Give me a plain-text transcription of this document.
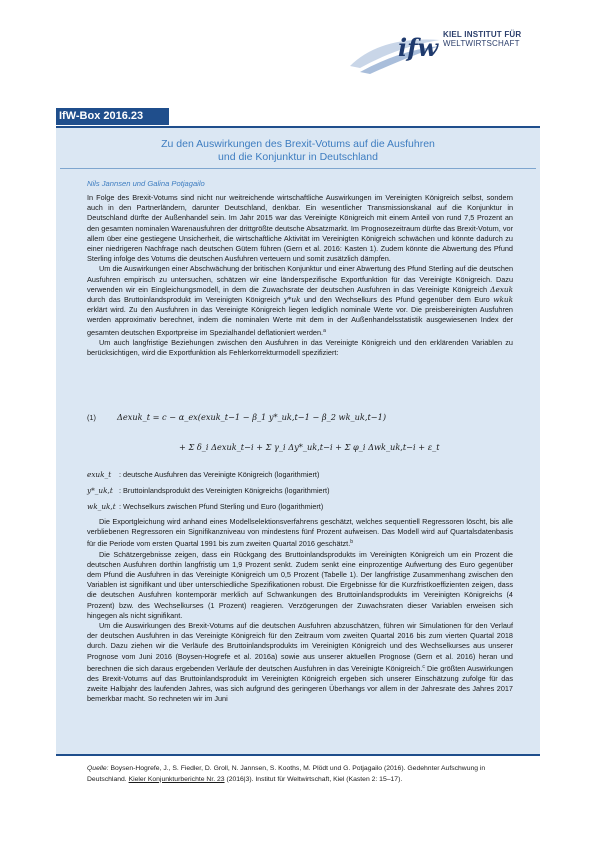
ifw KIEL INSTITUT FÜR
WELTWIRTSCHAFT
IfW-Box 2016.23
Zu den Auswirkungen des Brexit-Votums auf die Ausfuhren
und die Konjunktur in Deutschland
Nils Jannsen und Galina Potjagailo

In Folge des Brexit-Votums sind nicht nur weitreichende wirtschaftliche Auswirkungen im Vereinigten Königreich selbst, sondern auch in den Partnerländern, darunter Deutschland, denkbar. Ein wesentlicher Transmissionskanal auf die Konjunktur in Deutschland dürfte der Außenhandel sein. Im Jahr 2015 war das Vereinigte Königreich mit einem Anteil von rund 7,5 Prozent an den gesamten nominalen Warenausfuhren der drittgrößte deutsche Absatzmarkt. Im Prognosezeitraum dürfte das Brexit-Votum, vor allem über eine gestiegene Unsicherheit, die wirtschaftliche Aktivität im Vereinigten Königreich schwächen und könnte dadurch zu einer niedrigeren Nachfrage nach deutschen Gütern führen (Gern et al. 2016: Kasten 1). Zudem könnte die Abwertung des Pfund Sterling infolge des Votums die deutschen Ausfuhren verteuern und somit zusätzlich dämpfen.

Um die Auswirkungen einer Abschwächung der britischen Konjunktur und einer Abwertung des Pfund Sterling auf die deutschen Ausfuhren empirisch zu untersuchen, schätzen wir eine länderspezifische Exportfunktion für das Vereinigte Königreich. Dazu verwenden wir ein Eingleichungsmodell, in dem die Zuwachsrate der deutschen Ausfuhren in das Vereinigte Königreich Δexuk durch das Bruttoinlandsprodukt im Vereinigten Königreich y*uk und den Wechselkurs des Pfund gegenüber dem Euro wkuk erklärt wird. Zu den Ausfuhren in das Vereinigte Königreich liegen lediglich nominale Werte vor. Die preisbereinigten Ausfuhren werden approximativ berechnet, indem die nominalen Werte mit dem in der Außenhandelsstatistik ausgewiesenen Index der gesamten deutschen Exportpreise im Spezialhandel deflationiert werden.$^a$

Um auch langfristige Beziehungen zwischen den Ausfuhren in das Vereinigte Königreich und den erklärenden Variablen zu berücksichtigen, wird die Exportfunktion als Fehlerkorrekturmodell spezifiziert:

(1)	Δexuk_t = c − α_ex(exuk_t−1 − β_1 y*_uk,t−1 − β_2 wk_uk,t−1)
+ Σ δ_i Δexuk_t−i + Σ γ_i Δy*_uk,t−i + Σ φ_i Δwk_uk,t−i + ε_t
exuk_t : deutsche Ausfuhren das Vereinigte Königreich (logarithmiert)
y*_uk,t : Bruttoinlandsprodukt des Vereinigten Königreichs (logarithmiert)
wk_uk,t : Wechselkurs zwischen Pfund Sterling und Euro (logarithmiert)

Die Exportgleichung wird anhand eines Modellselektionsverfahrens geschätzt, welches sequentiell Regressoren löscht, bis alle verbliebenen Regressoren ein Signifikanzniveau von mindestens fünf Prozent aufweisen. Das Modell wird auf Quartalsdatenbasis für die Periode vom ersten Quartal 1991 bis zum zweiten Quartal 2016 geschätzt.$^b$

Die Schätzergebnisse zeigen, dass ein Rückgang des Bruttoinlandsprodukts im Vereinigten Königreich um ein Prozent die deutschen Ausfuhren dorthin langfristig um 1,9 Prozent senkt. Zudem senkt eine einprozentige Aufwertung des Euro gegenüber dem Pfund die Ausfuhren in das Vereinigte Königreich um 0,5 Prozent (Tabelle 1). Der langfristige Zusammenhang zwischen den Variablen ist signifikant und über unterschiedliche Spezifikationen robust. Die Ergebnisse für die Kurzfristkoeffizienten zeigen, dass die deutschen Ausfuhren kontemporär merklich auf Schwankungen des Bruttoinlandsprodukts im Vereinigten Königreichs (4 Prozent) bzw. des Wechselkurses (1 Prozent) reagieren. Verzögerungen der Zuwachsraten dieser Variablen erweisen sich hingegen als nicht signifikant.

Um die Auswirkungen des Brexit-Votums auf die deutschen Ausfuhren abzuschätzen, führen wir Simulationen für den Verlauf der deutschen Ausfuhren in das Vereinigte Königreich für den Zeitraum vom zweiten Quartal 2016 bis zum vierten Quartal 2018 durch. Dazu ziehen wir die Verläufe des Bruttoinlandsprodukts im Vereinigten Königreich und des Wechselkurses aus unserer Prognose vom Juni 2016 (Boysen-Hogrefe et al. 2016a) sowie aus unserer aktuellen Prognose (Gern et al. 2016) heran und berechnen die sich daraus ergebenden Verläufe der deutschen Ausfuhren in das Vereinigte Königreich.$^c$ Die größten Auswirkungen des Brexit-Votums auf das Bruttoinlandsprodukt im Vereinigten Königreich ergeben sich unserer Einschätzung zufolge für das zweite Halbjahr des laufenden Jahres, was sich aufgrund des geringeren Überhangs vor allem in der Jahresrate des Jahres 2017 bemerkbar macht. So rechneten wir im Juni

Quelle: Boysen-Hogrefe, J., S. Fiedler, D. Groll, N. Jannsen, S. Kooths, M. Plödt und G. Potjagailo (2016). Gedehnter Aufschwung in Deutschland. Kieler Konjunkturberichte Nr. 23 (2016|3). Institut für Weltwirtschaft, Kiel (Kasten 2: 15–17).
